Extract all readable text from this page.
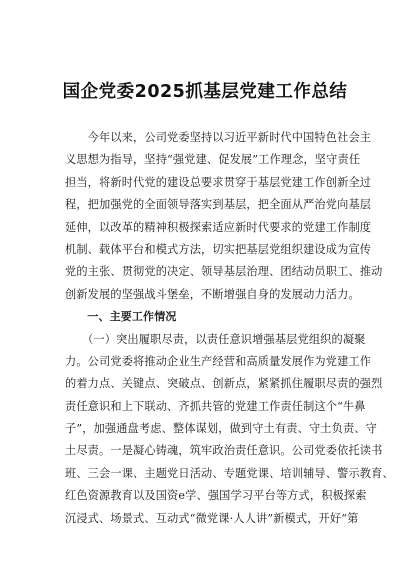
国企党委2025抓基层党建工作总结
　　今年以来，公司党委坚持以习近平新时代中国特色社会主
义思想为指导，坚持“强党建、促发展”工作理念，坚守责任
担当，将新时代党的建设总要求贯穿于基层党建工作创新全过
程，把加强党的全面领导落实到基层，把全面从严治党向基层
延伸，以改革的精神积极探索适应新时代要求的党建工作制度
机制、载体平台和模式方法，切实把基层党组织建设成为宣传
党的主张、贯彻党的决定、领导基层治理、团结动员职工、推动
创新发展的坚强战斗堡垒，不断增强自身的发展动力活力。
　　一、主要工作情况
　　（一）突出履职尽责，以责任意识增强基层党组织的凝聚
力。公司党委将推动企业生产经营和高质量发展作为党建工作
的着力点、关键点、突破点、创新点，紧紧抓住履职尽责的强烈
责任意识和上下联动、齐抓共管的党建工作责任制这个“牛鼻
子”，加强通盘考虑、整体谋划，做到守土有责、守土负责、守
土尽责。一是凝心铸魂，筑牢政治责任意识。公司党委依托读书
班、三会一课、主题党日活动、专题党课、培训辅导、警示教育、
红色资源教育以及国资e学、强国学习平台等方式，积极探索
沉浸式、场景式、互动式“微党课·人人讲”新模式，开好“第
